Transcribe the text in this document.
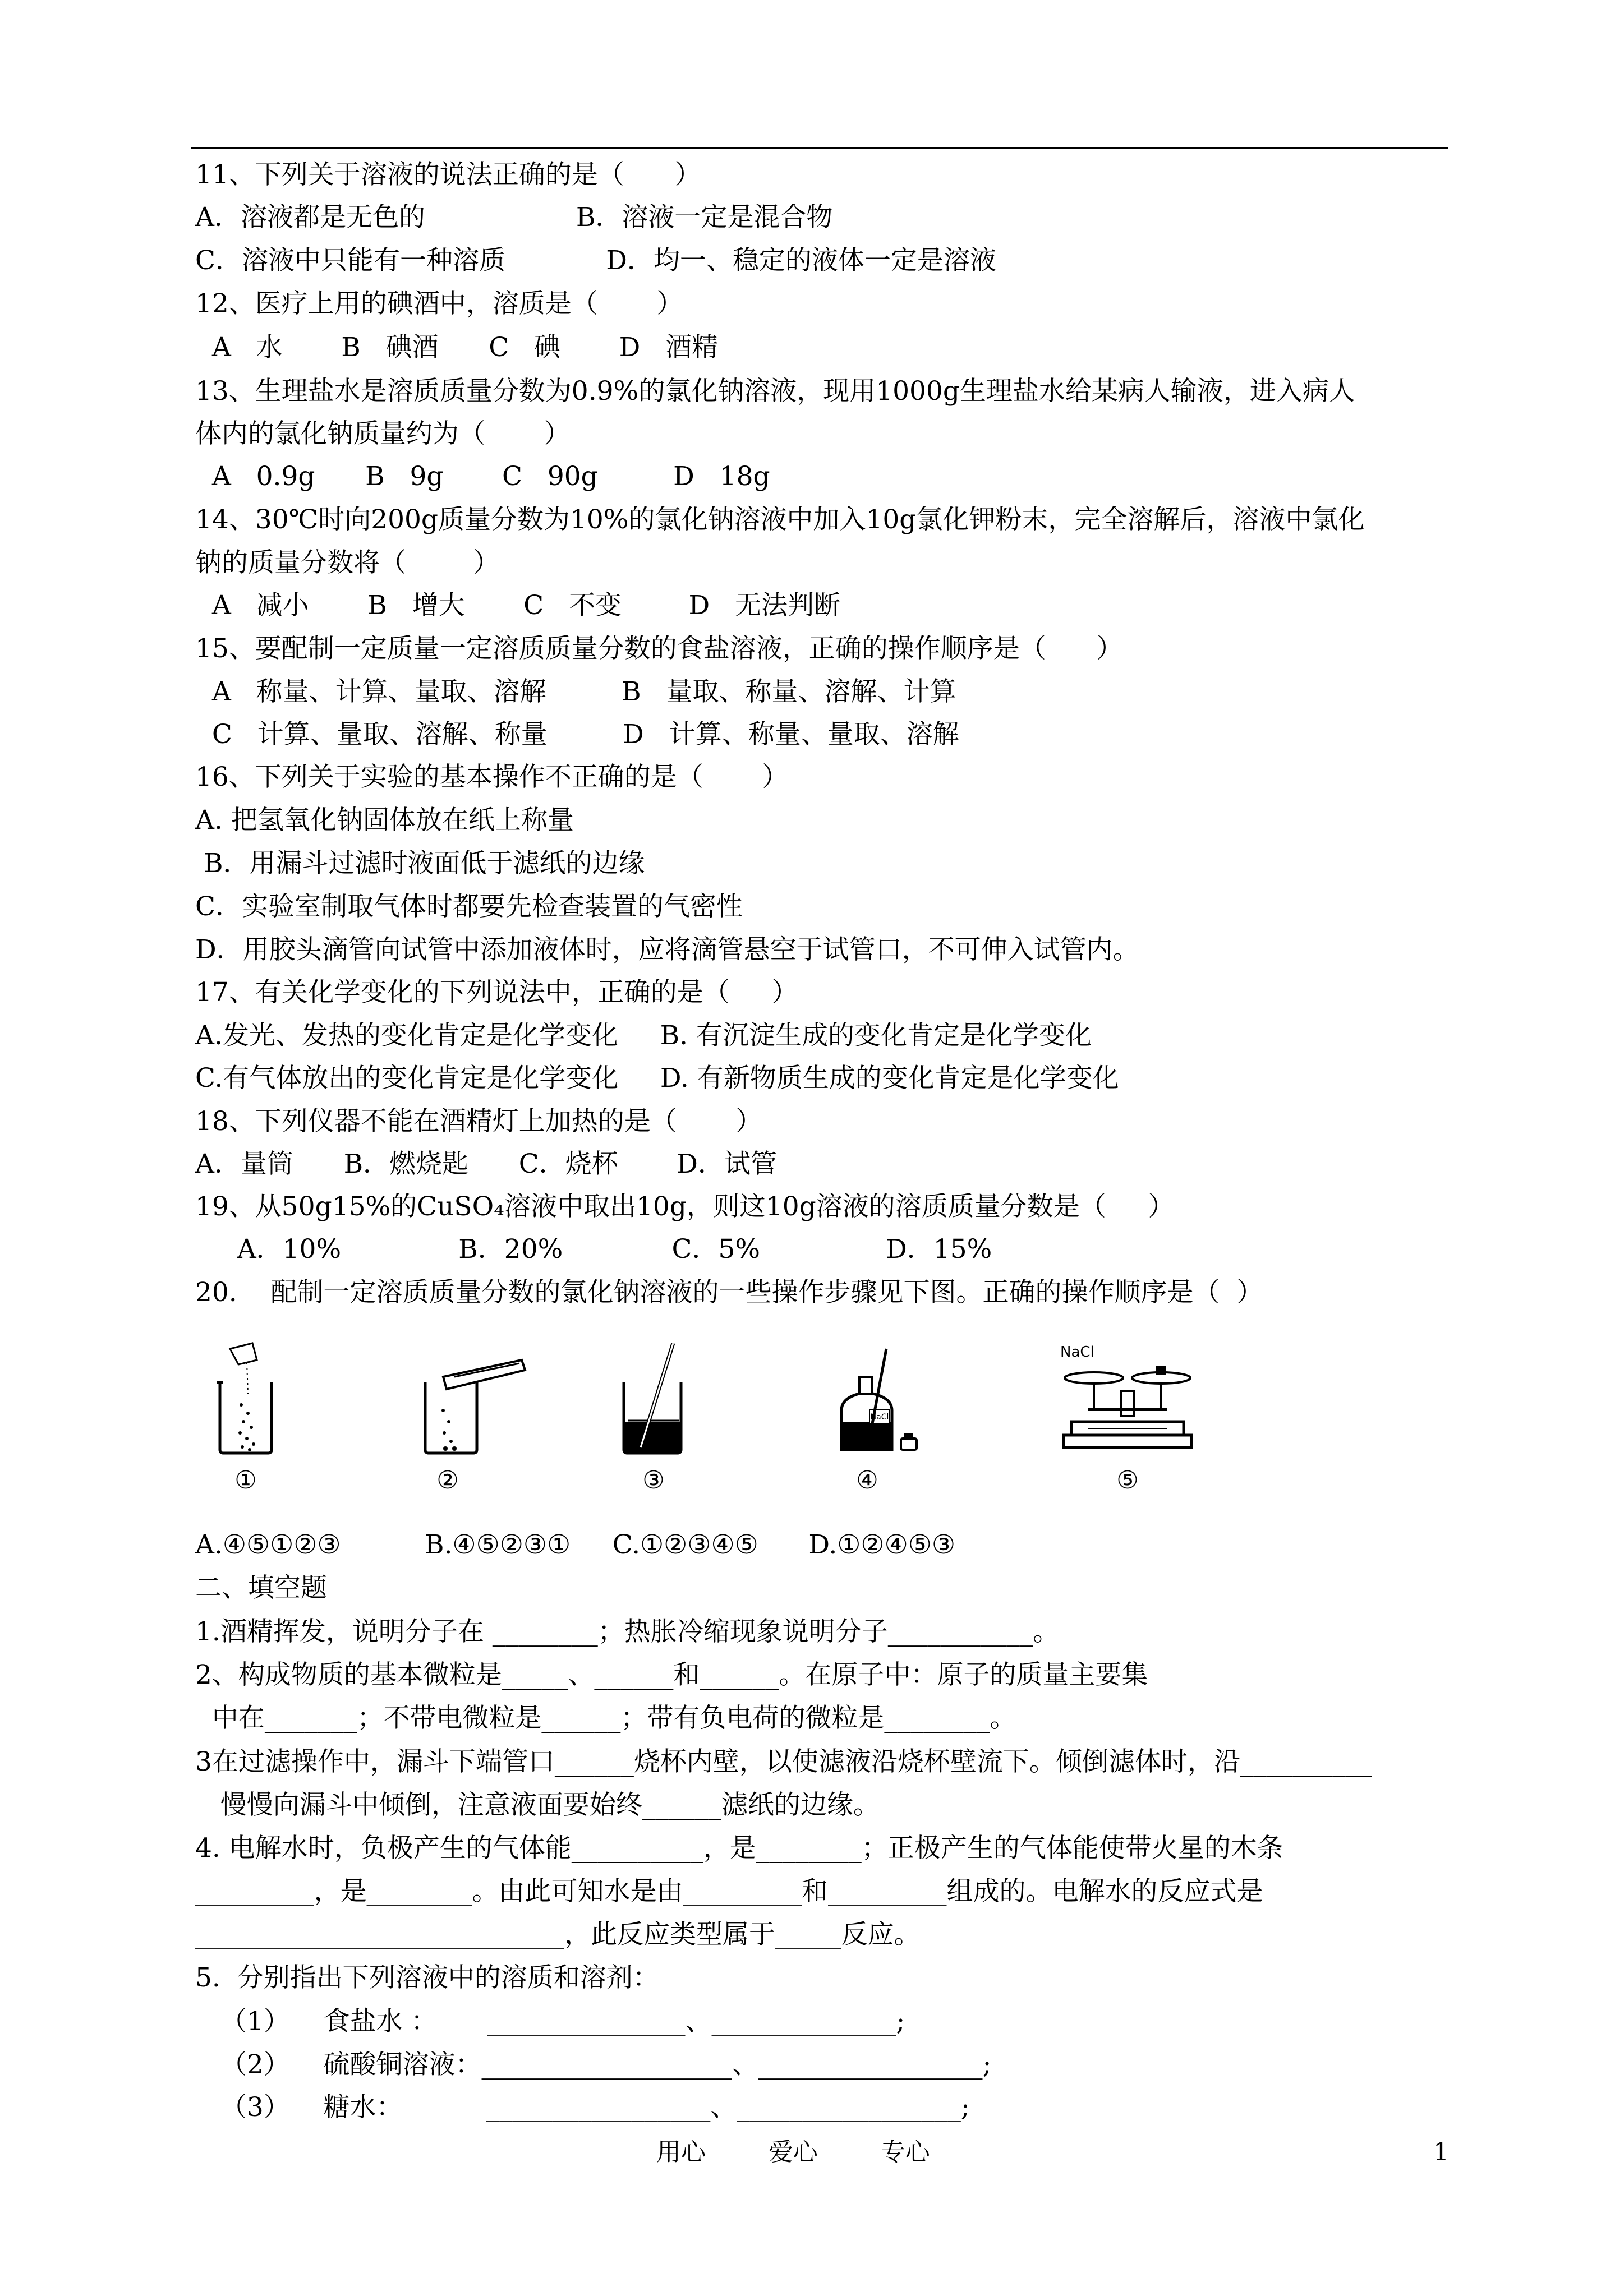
11、下列关于溶液的说法正确的是（      ）
A．溶液都是无色的                  B．溶液一定是混合物
C．溶液中只能有一种溶质            D．均一、稳定的液体一定是溶液
12、医疗上用的碘酒中，溶质是（       ）
A   水       B   碘酒      C   碘       D   酒精
13、生理盐水是溶质质量分数为0.9%的氯化钠溶液，现用1000g生理盐水给某病人输液，进入病人
体内的氯化钠质量约为（       ）
A   0.9g      B   9g       C   90g         D   18g
14、30℃时向200g质量分数为10%的氯化钠溶液中加入10g氯化钾粉末，完全溶解后，溶液中氯化
钠的质量分数将（        ）
A   减小       B   增大       C   不变        D   无法判断
15、要配制一定质量一定溶质质量分数的食盐溶液，正确的操作顺序是（      ）
A   称量、计算、量取、溶解         B   量取、称量、溶解、计算
C   计算、量取、溶解、称量         D   计算、称量、量取、溶解
16、下列关于实验的基本操作不正确的是（       ）
A. 把氢氧化钠固体放在纸上称量
B．用漏斗过滤时液面低于滤纸的边缘
C．实验室制取气体时都要先检查装置的气密性
D．用胶头滴管向试管中添加液体时，应将滴管悬空于试管口，不可伸入试管内。
17、有关化学变化的下列说法中，正确的是（     ）
A.发光、发热的变化肯定是化学变化     B. 有沉淀生成的变化肯定是化学变化
C.有气体放出的变化肯定是化学变化     D. 有新物质生成的变化肯定是化学变化
18、下列仪器不能在酒精灯上加热的是（       ）
A．量筒      B．燃烧匙      C．烧杯       D．试管
19、从50g15%的CuSO₄溶液中取出10g，则这10g溶液的溶质质量分数是（     ）
A．10%              B．20%             C．5%               D．15%
20.    配制一定溶质质量分数的氯化钠溶液的一些操作步骤见下图。正确的操作顺序是（  ）
①	②	③
NaCl
④
NaCl
⑤
A.④⑤①②③          B.④⑤②③①     C.①②③④⑤      D.①②④⑤③
二、填空题
1.酒精挥发，说明分子在 ________；热胀冷缩现象说明分子___________。
2、构成物质的基本微粒是_____、______和______。在原子中：原子的质量主要集
中在_______；不带电微粒是______；带有负电荷的微粒是________。
3在过滤操作中，漏斗下端管口______烧杯内壁，以使滤液沿烧杯壁流下。倾倒滤体时，沿__________
慢慢向漏斗中倾倒，注意液面要始终______滤纸的边缘。
4. 电解水时，负极产生的气体能__________，是________；正极产生的气体能使带火星的木条
_________，是________。由此可知水是由_________和_________组成的。电解水的反应式是
____________________________，此反应类型属于_____反应。
5.  分别指出下列溶液中的溶质和溶剂：
（1）    食盐水 ：      _______________、______________;
（2）    硫酸铜溶液：___________________、_________________;
（3）    糖水：          _________________、_________________;
用心        爱心        专心	1
